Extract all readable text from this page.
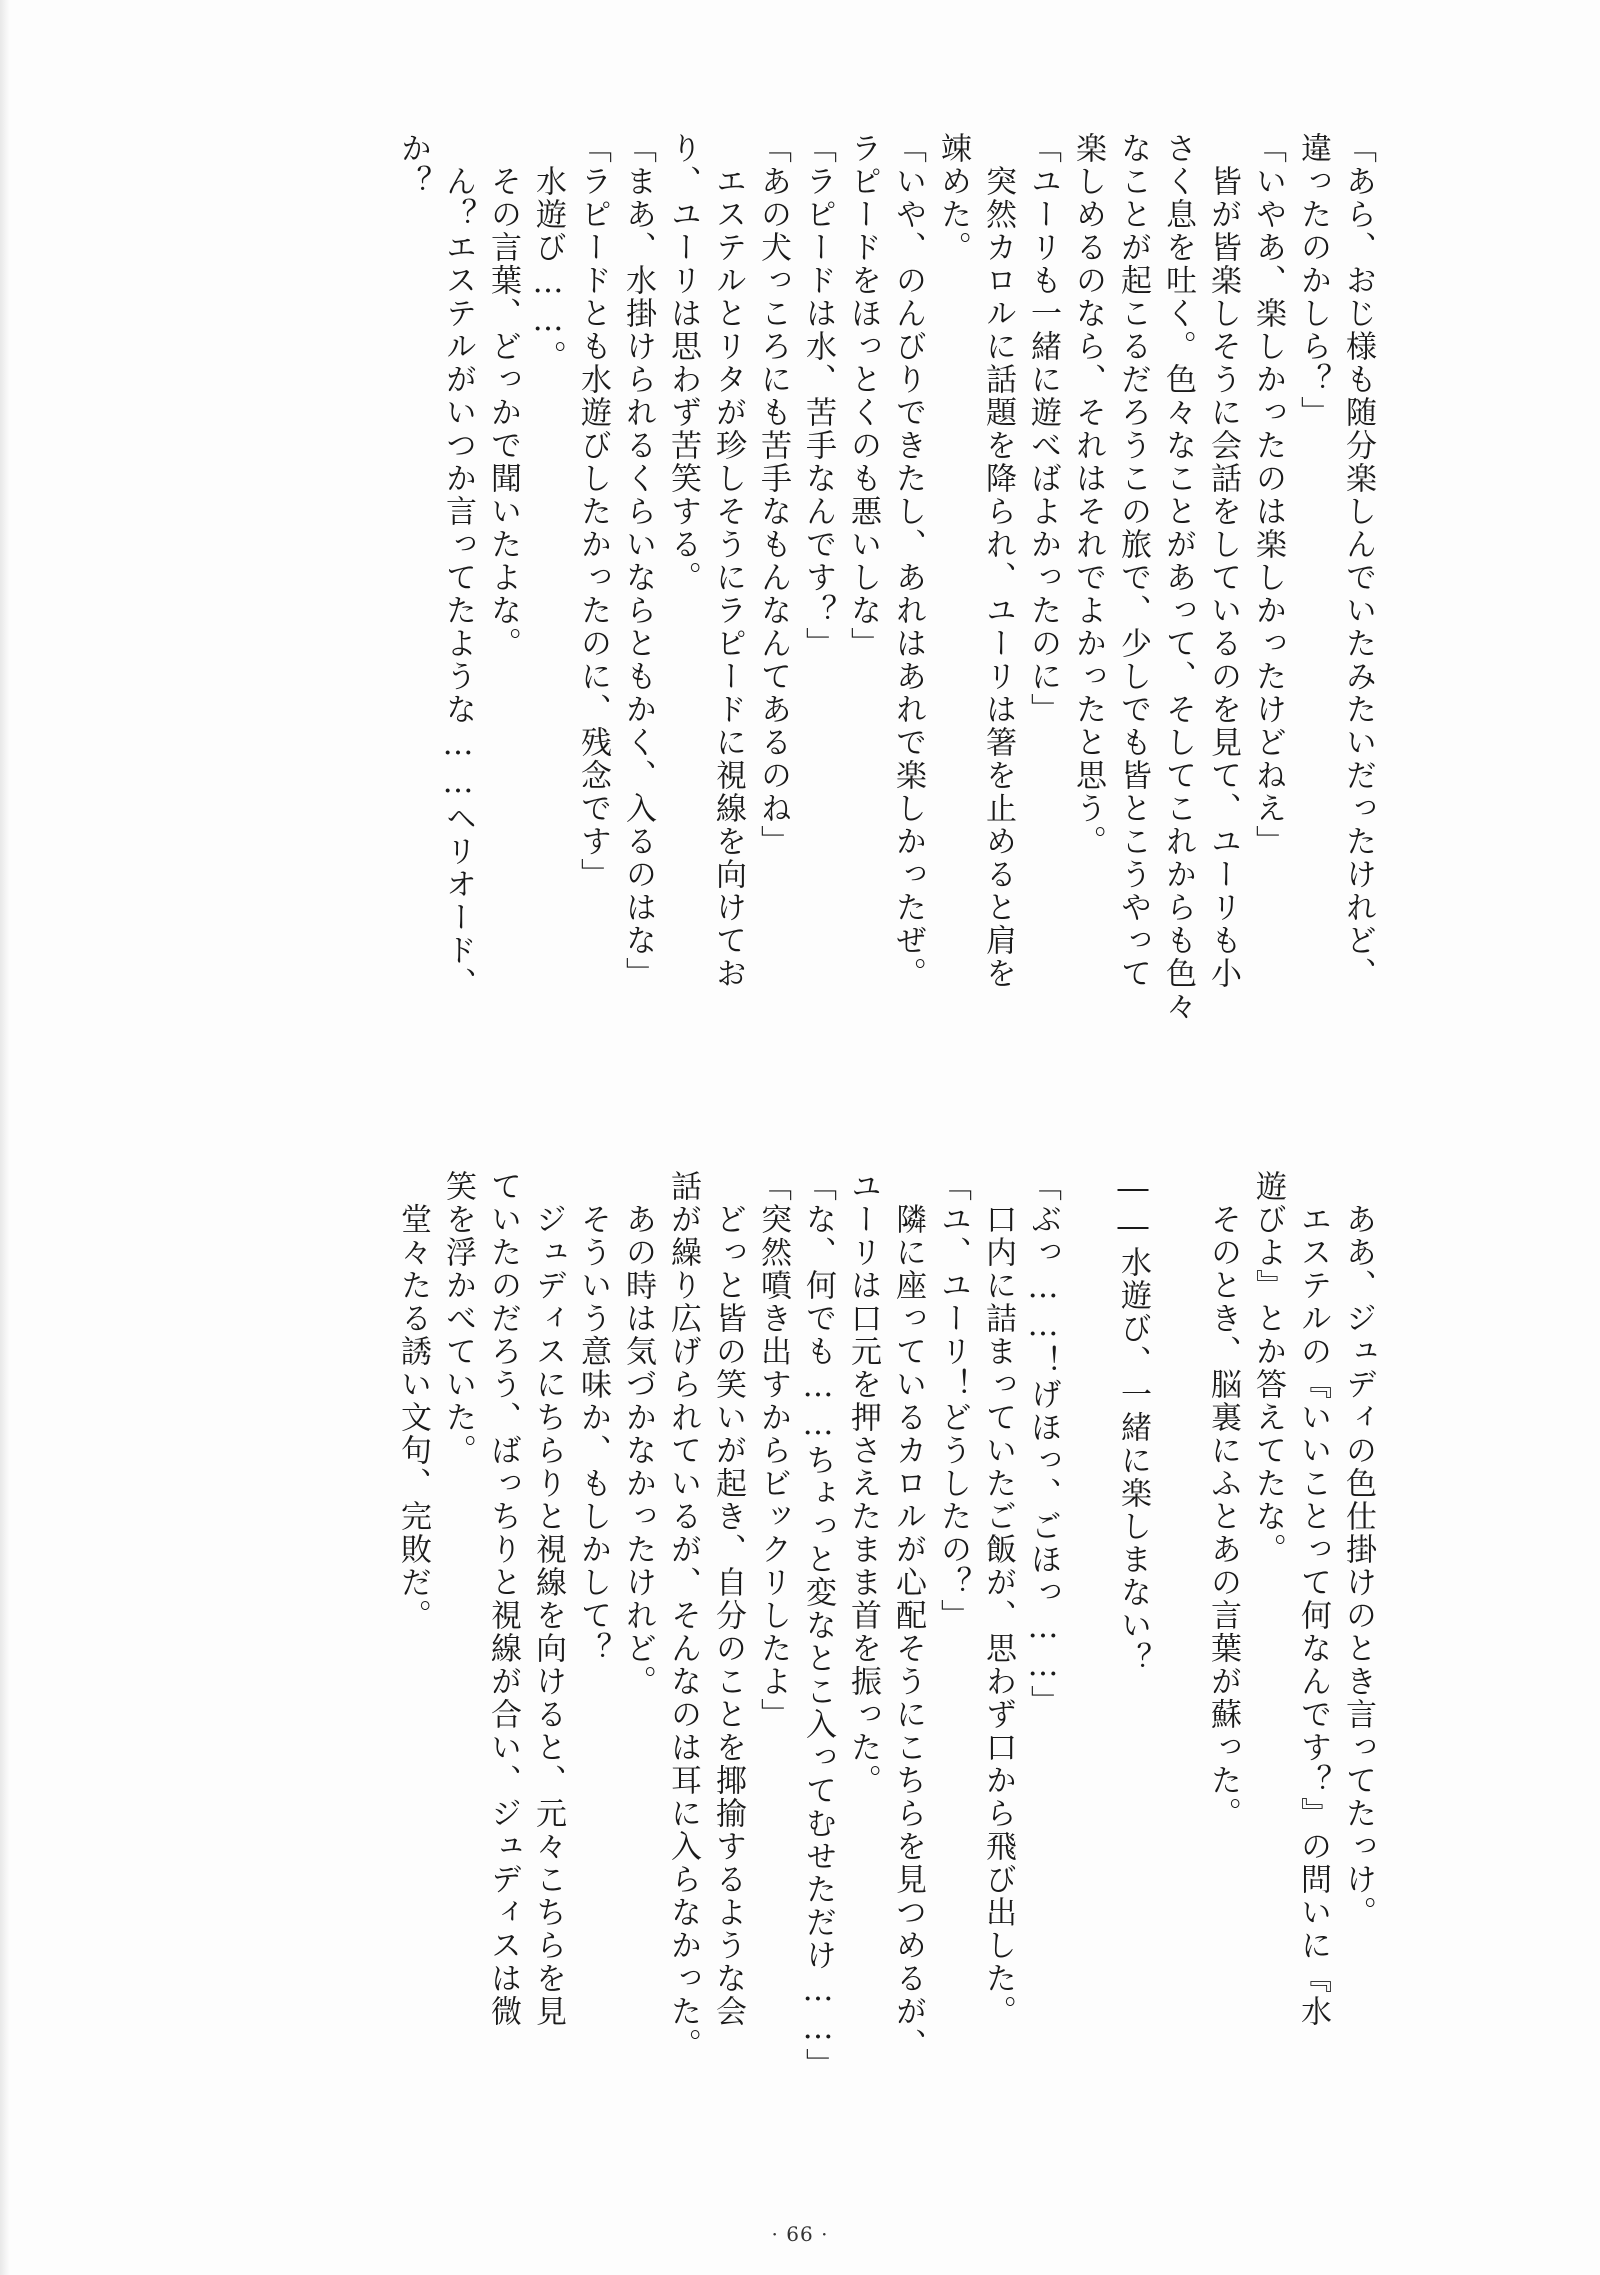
「あら、おじ様も随分楽しんでいたみたいだったけれど、
違ったのかしら？」
「いやあ、楽しかったのは楽しかったけどねえ」
　皆が皆楽しそうに会話をしているのを見て、ユーリも小
さく息を吐く。色々なことがあって、そしてこれからも色々
なことが起こるだろうこの旅で、少しでも皆とこうやって
楽しめるのなら、それはそれでよかったと思う。
「ユーリも一緒に遊べばよかったのに」
　突然カロルに話題を降られ、ユーリは箸を止めると肩を
竦めた。
「いや、のんびりできたし、あれはあれで楽しかったぜ。
ラピードをほっとくのも悪いしな」
「ラピードは水、苦手なんです？」
「あの犬っころにも苦手なもんなんてあるのね」
　エステルとリタが珍しそうにラピードに視線を向けてお
り、ユーリは思わず苦笑する。
「まあ、水掛けられるくらいならともかく、入るのはな」
「ラピードとも水遊びしたかったのに、残念です」
　水遊び……。
　その言葉、どっかで聞いたよな。
　ん？エステルがいつか言ってたような……ヘリオード、
か？
　ああ、ジュディの色仕掛けのとき言ってたっけ。
　エステルの『いいことって何なんです？』の問いに『水
遊びよ』とか答えてたな。
　そのとき、脳裏にふとあの言葉が蘇った。

――水遊び、一緒に楽しまない？

「ぶっ……！げほっ、ごほっ……」
　口内に詰まっていたご飯が、思わず口から飛び出した。
「ユ、ユーリ！どうしたの？」
　隣に座っているカロルが心配そうにこちらを見つめるが、
ユーリは口元を押さえたまま首を振った。
「な、何でも……ちょっと変なとこ入ってむせただけ……」
「突然噴き出すからビックリしたよ」
　どっと皆の笑いが起き、自分のことを揶揄するような会
話が繰り広げられているが、そんなのは耳に入らなかった。
　あの時は気づかなかったけれど。
　そういう意味か、もしかして？
　ジュディスにちらりと視線を向けると、元々こちらを見
ていたのだろう、ばっちりと視線が合い、ジュディスは微
笑を浮かべていた。
　堂々たる誘い文句、完敗だ。
· 66 ·
